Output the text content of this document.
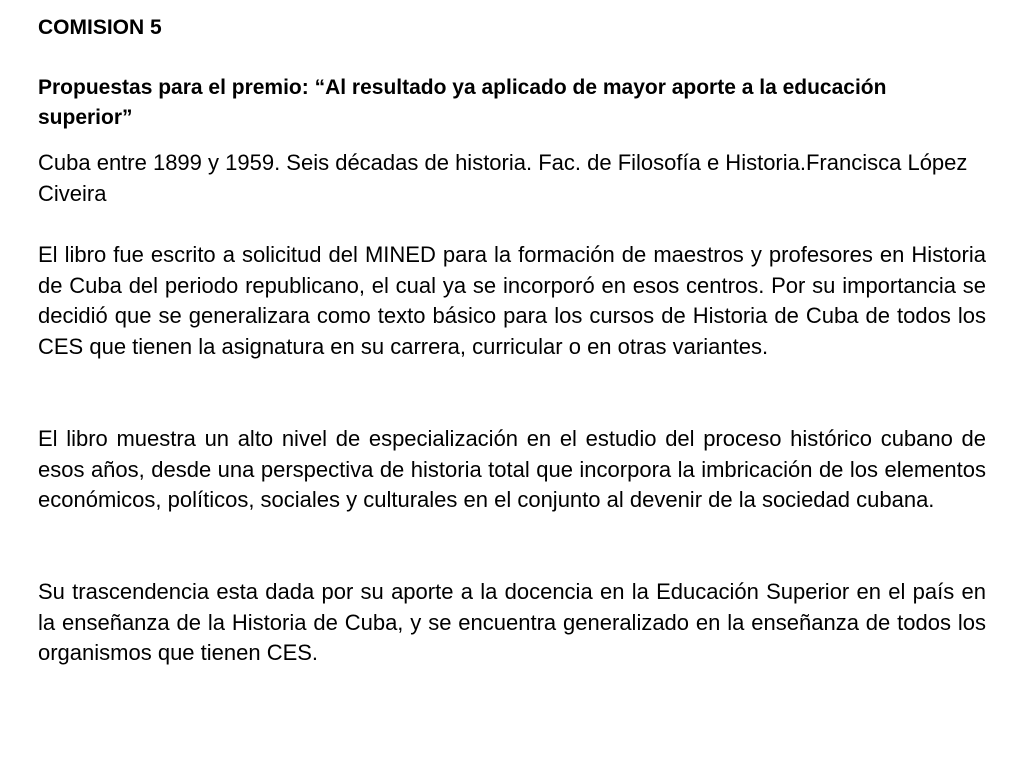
COMISION 5
Propuestas para el premio: “Al resultado ya aplicado de mayor aporte a la educación superior”

Cuba entre 1899 y 1959. Seis décadas de historia. Fac. de Filosofía e Historia.Francisca López Civeira

El libro fue escrito a solicitud del MINED para la formación de maestros y profesores en Historia de Cuba del periodo republicano, el cual ya se incorporó en esos centros. Por su importancia se decidió que se generalizara como texto básico para los cursos de Historia de Cuba de todos los CES que tienen la asignatura en su carrera, curricular o en otras variantes.

El libro muestra un alto nivel de especialización en el estudio del proceso histórico cubano de esos años, desde una perspectiva de historia total que incorpora la imbricación de los elementos económicos, políticos, sociales y culturales en el conjunto al devenir de la sociedad cubana.

Su trascendencia esta dada por su aporte a la docencia en la Educación Superior en el país en la enseñanza de la Historia de Cuba, y se encuentra generalizado en la enseñanza de todos los organismos que tienen CES.
